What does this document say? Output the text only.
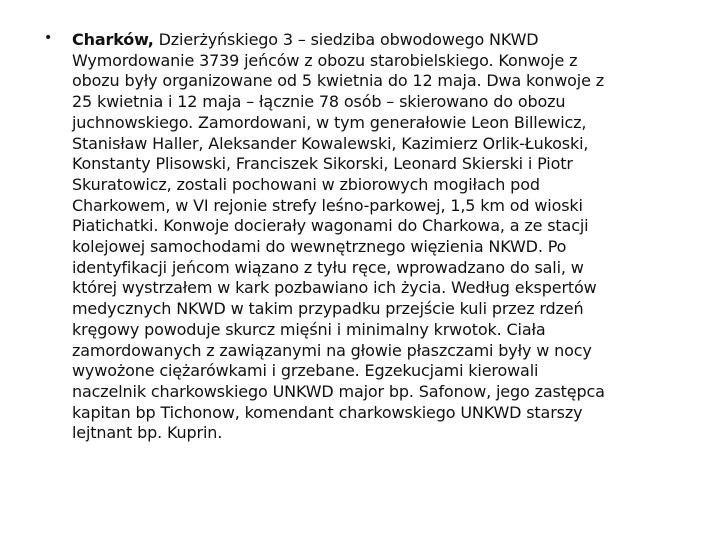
• Charków, Dzierżyńskiego 3 – siedziba obwodowego NKWD
Wymordowanie 3739 jeńców z obozu starobielskiego. Konwoje z
obozu były organizowane od 5 kwietnia do 12 maja. Dwa konwoje z
25 kwietnia i 12 maja – łącznie 78 osób – skierowano do obozu
juchnowskiego. Zamordowani, w tym generałowie Leon Billewicz,
Stanisław Haller, Aleksander Kowalewski, Kazimierz Orlik-Łukoski,
Konstanty Plisowski, Franciszek Sikorski, Leonard Skierski i Piotr
Skuratowicz, zostali pochowani w zbiorowych mogiłach pod
Charkowem, w VI rejonie strefy leśno-parkowej, 1,5 km od wioski
Piatichatki. Konwoje docierały wagonami do Charkowa, a ze stacji
kolejowej samochodami do wewnętrznego więzienia NKWD. Po
identyfikacji jeńcom wiązano z tyłu ręce, wprowadzano do sali, w
której wystrzałem w kark pozbawiano ich życia. Według ekspertów
medycznych NKWD w takim przypadku przejście kuli przez rdzeń
kręgowy powoduje skurcz mięśni i minimalny krwotok. Ciała
zamordowanych z zawiązanymi na głowie płaszczami były w nocy
wywożone ciężarówkami i grzebane. Egzekucjami kierowali
naczelnik charkowskiego UNKWD major bp. Safonow, jego zastępca
kapitan bp Tichonow, komendant charkowskiego UNKWD starszy
lejtnant bp. Kuprin.
